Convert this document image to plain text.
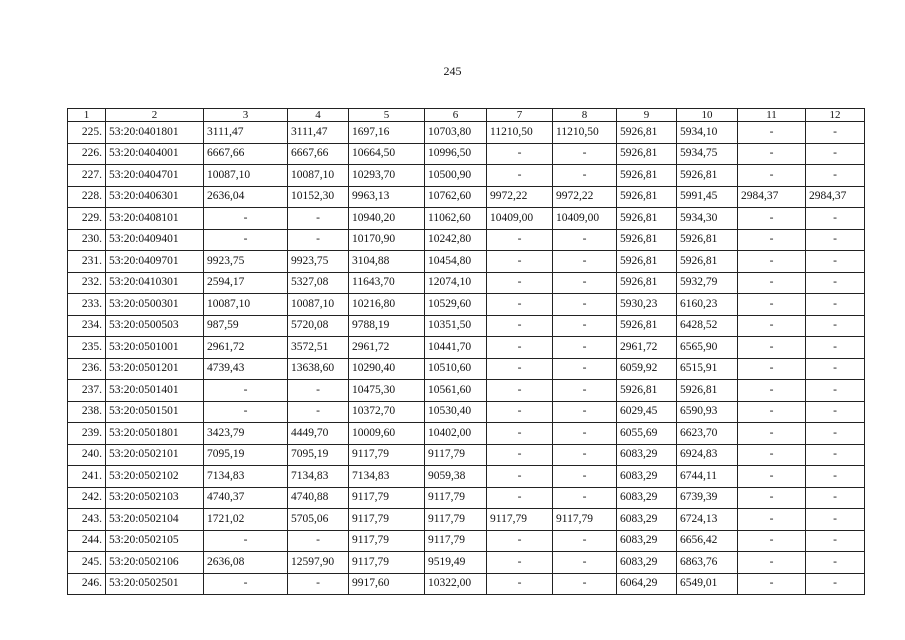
245
1	2	3	4	5	6	7	8	9	10	11	12
225.	53:20:0401801	3111,47	3111,47	1697,16	10703,80	11210,50	11210,50	5926,81	5934,10	-	-
226.	53:20:0404001	6667,66	6667,66	10664,50	10996,50	-	-	5926,81	5934,75	-	-
227.	53:20:0404701	10087,10	10087,10	10293,70	10500,90	-	-	5926,81	5926,81	-	-
228.	53:20:0406301	2636,04	10152,30	9963,13	10762,60	9972,22	9972,22	5926,81	5991,45	2984,37	2984,37
229.	53:20:0408101	-	-	10940,20	11062,60	10409,00	10409,00	5926,81	5934,30	-	-
230.	53:20:0409401	-	-	10170,90	10242,80	-	-	5926,81	5926,81	-	-
231.	53:20:0409701	9923,75	9923,75	3104,88	10454,80	-	-	5926,81	5926,81	-	-
232.	53:20:0410301	2594,17	5327,08	11643,70	12074,10	-	-	5926,81	5932,79	-	-
233.	53:20:0500301	10087,10	10087,10	10216,80	10529,60	-	-	5930,23	6160,23	-	-
234.	53:20:0500503	987,59	5720,08	9788,19	10351,50	-	-	5926,81	6428,52	-	-
235.	53:20:0501001	2961,72	3572,51	2961,72	10441,70	-	-	2961,72	6565,90	-	-
236.	53:20:0501201	4739,43	13638,60	10290,40	10510,60	-	-	6059,92	6515,91	-	-
237.	53:20:0501401	-	-	10475,30	10561,60	-	-	5926,81	5926,81	-	-
238.	53:20:0501501	-	-	10372,70	10530,40	-	-	6029,45	6590,93	-	-
239.	53:20:0501801	3423,79	4449,70	10009,60	10402,00	-	-	6055,69	6623,70	-	-
240.	53:20:0502101	7095,19	7095,19	9117,79	9117,79	-	-	6083,29	6924,83	-	-
241.	53:20:0502102	7134,83	7134,83	7134,83	9059,38	-	-	6083,29	6744,11	-	-
242.	53:20:0502103	4740,37	4740,88	9117,79	9117,79	-	-	6083,29	6739,39	-	-
243.	53:20:0502104	1721,02	5705,06	9117,79	9117,79	9117,79	9117,79	6083,29	6724,13	-	-
244.	53:20:0502105	-	-	9117,79	9117,79	-	-	6083,29	6656,42	-	-
245.	53:20:0502106	2636,08	12597,90	9117,79	9519,49	-	-	6083,29	6863,76	-	-
246.	53:20:0502501	-	-	9917,60	10322,00	-	-	6064,29	6549,01	-	-
